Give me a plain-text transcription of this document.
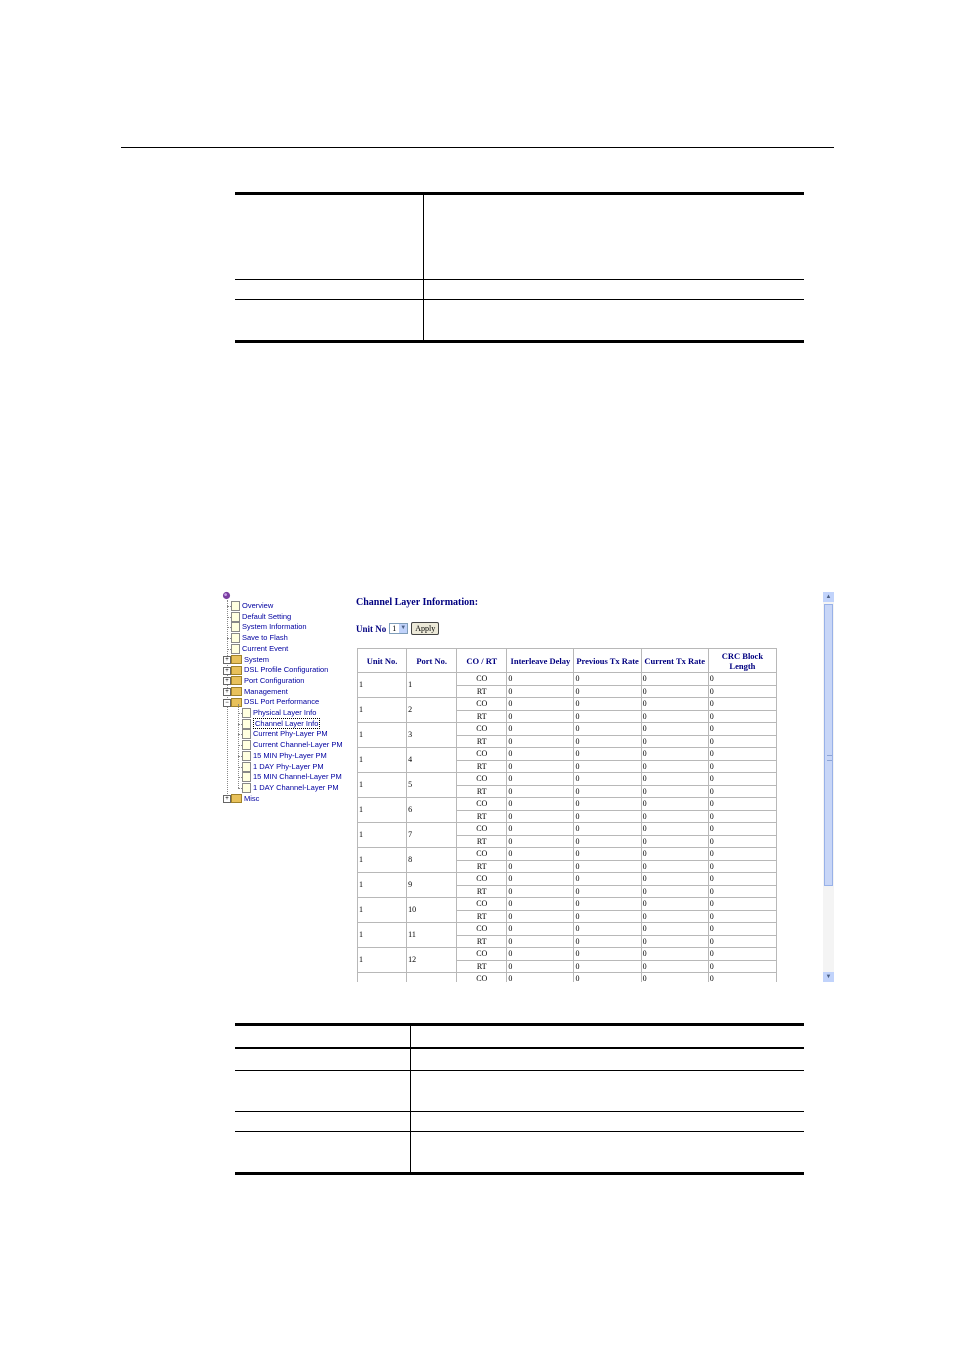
Overview
Default Setting
System Information
Save to Flash
Current Event
System
+
DSL Profile Configuration
+
Port Configuration
+
Management
+
DSL Port Performance
−
Physical Layer Info
Channel Layer Info
Current Phy-Layer PM
Current Channel-Layer PM
15 MIN Phy-Layer PM
1 DAY Phy-Layer PM
15 MIN Channel-Layer PM
1 DAY Channel-Layer PM
Misc
+
Channel Layer Information:
Unit No 1 ▼	Apply
Unit No.	Port No.	CO / RT	Interleave Delay	Previous Tx Rate	Current Tx Rate	CRC Block Length
1	1	CO	0	0	0	0
		RT	0	0	0	0
1	2	CO	0	0	0	0
		RT	0	0	0	0
1	3	CO	0	0	0	0
		RT	0	0	0	0
1	4	CO	0	0	0	0
		RT	0	0	0	0
1	5	CO	0	0	0	0
		RT	0	0	0	0
1	6	CO	0	0	0	0
		RT	0	0	0	0
1	7	CO	0	0	0	0
		RT	0	0	0	0
1	8	CO	0	0	0	0
		RT	0	0	0	0
1	9	CO	0	0	0	0
		RT	0	0	0	0
1	10	CO	0	0	0	0
		RT	0	0	0	0
1	11	CO	0	0	0	0
		RT	0	0	0	0
1	12	CO	0	0	0	0
		RT	0	0	0	0
		CO	0	0	0	0
▲
▼
